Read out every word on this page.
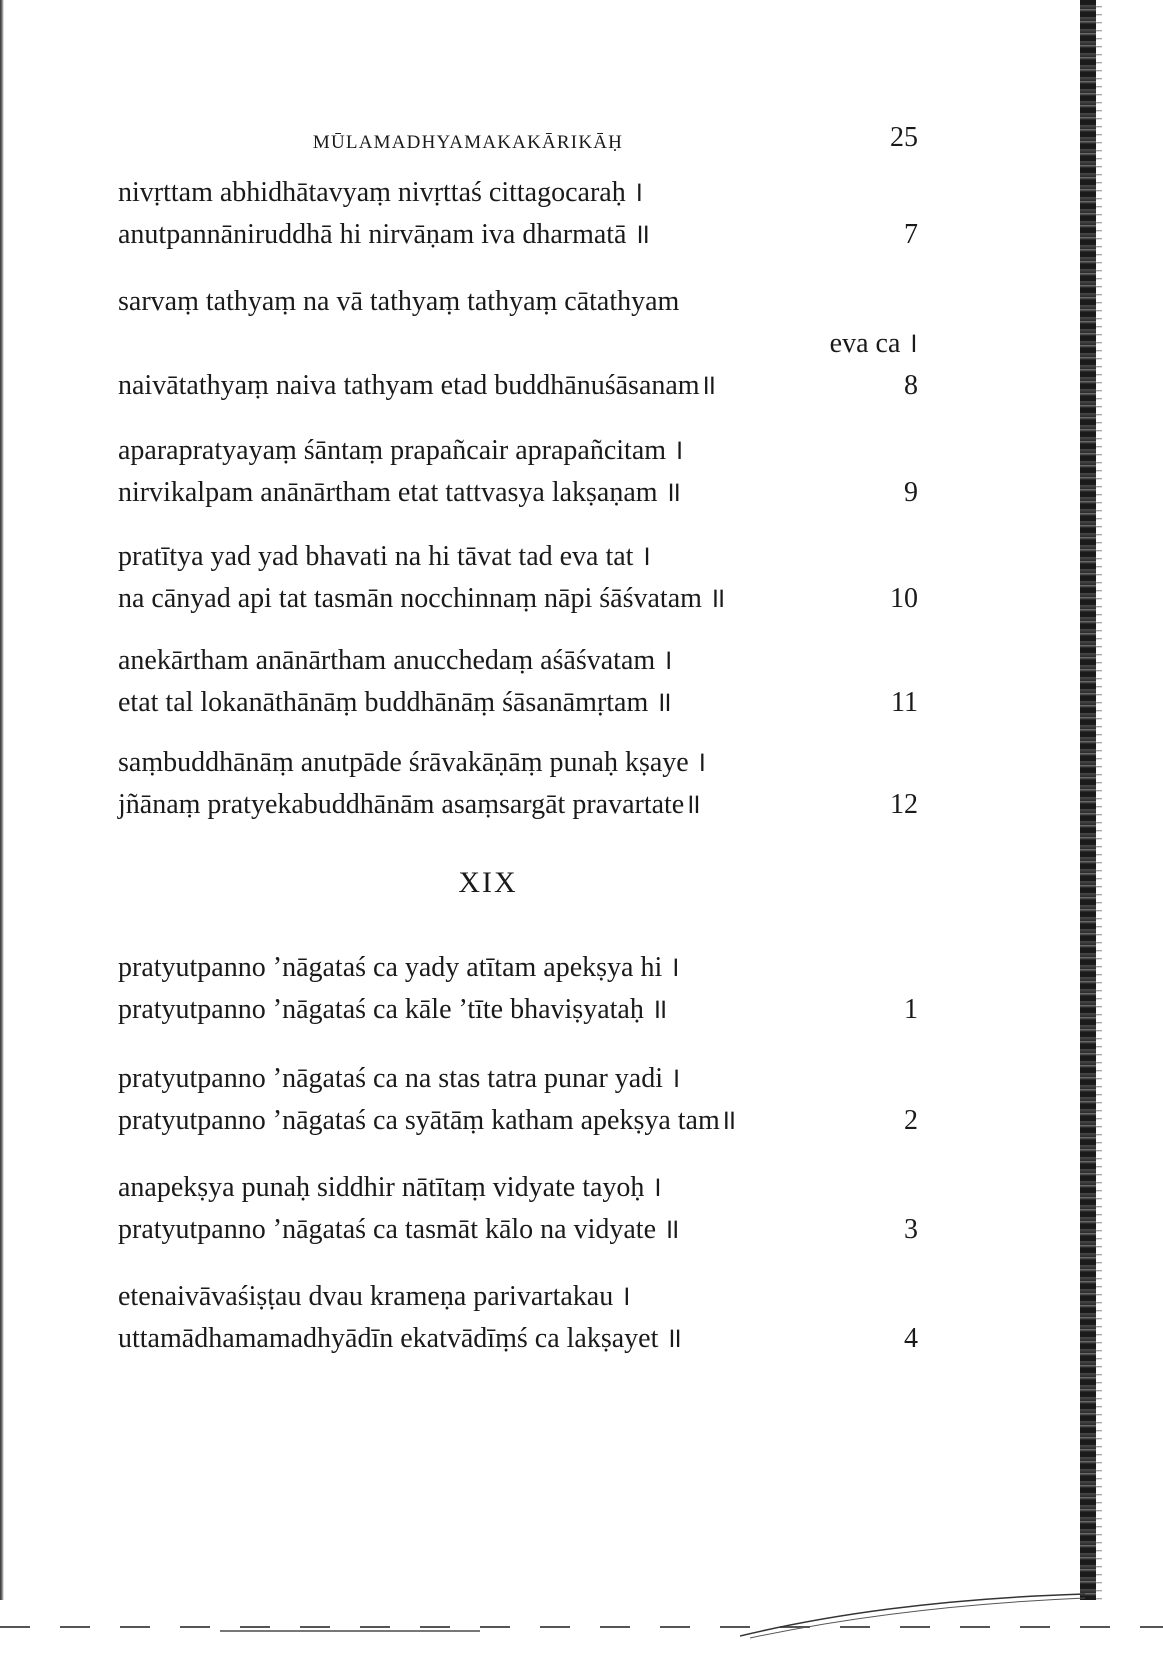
MŪLAMADHYAMAKAKĀRIKĀḤ	25
nivṛttam abhidhātavyaṃ nivṛttaś cittagocaraḥ ।
anutpannāniruddhā hi nirvāṇam iva dharmatā ॥	7
sarvaṃ tathyaṃ na vā tathyaṃ tathyaṃ cātathyam
eva ca ।
naivātathyaṃ naiva tathyam etad buddhānuśāsanam॥	8
aparapratyayaṃ śāntaṃ prapañcair aprapañcitam ।
nirvikalpam anānārtham etat tattvasya lakṣaṇam ॥	9
pratītya yad yad bhavati na hi tāvat tad eva tat ।
na cānyad api tat tasmān nocchinnaṃ nāpi śāśvatam ॥	10
anekārtham anānārtham anucchedaṃ aśāśvatam ।
etat tal lokanāthānāṃ buddhānāṃ śāsanāmṛtam ॥	11
saṃbuddhānāṃ anutpāde śrāvakāṇāṃ punaḥ kṣaye ।
jñānaṃ pratyekabuddhānām asaṃsargāt pravartate॥	12
XIX
pratyutpanno ’nāgataś ca yady atītam apekṣya hi ।
pratyutpanno ’nāgataś ca kāle ’tīte bhaviṣyataḥ ॥	1
pratyutpanno ’nāgataś ca na stas tatra punar yadi ।
pratyutpanno ’nāgataś ca syātāṃ katham apekṣya tam॥	2
anapekṣya punaḥ siddhir nātītaṃ vidyate tayoḥ ।
pratyutpanno ’nāgataś ca tasmāt kālo na vidyate ॥	3
etenaivāvaśiṣṭau dvau krameṇa parivartakau ।
uttamādhamamadhyādīn ekatvādīṃś ca lakṣayet ॥	4
